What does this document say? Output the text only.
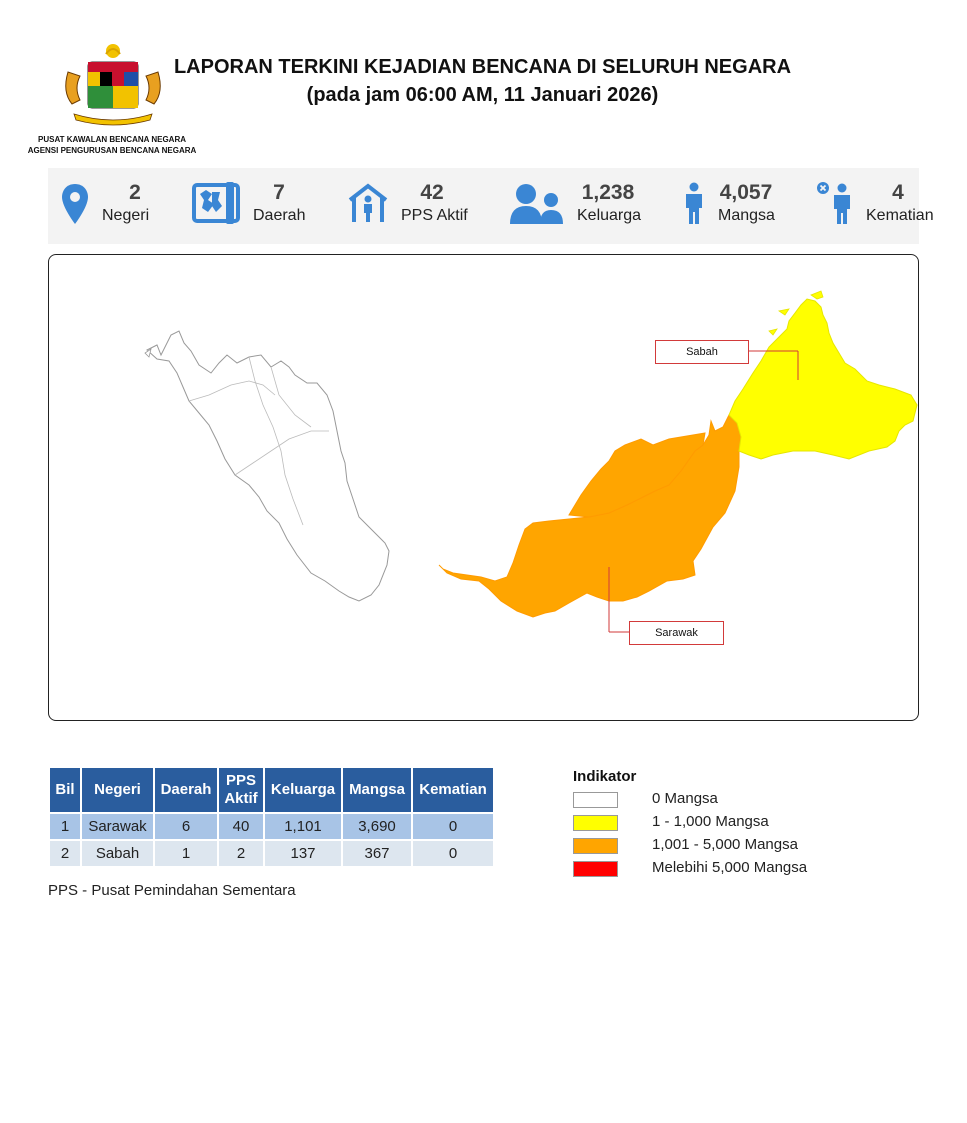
PUSAT KAWALAN BENCANA NEGARA
AGENSI PENGURUSAN BENCANA NEGARA
LAPORAN TERKINI KEJADIAN BENCANA DI SELURUH NEGARA
(pada jam 06:00 AM, 11 Januari 2026)
2
Negeri
7
Daerah
42
PPS Aktif
1,238
Keluarga
4,057
Mangsa
4
Kematian
Sabah
Sarawak
Bil	Negeri	Daerah	PPS Aktif	Keluarga	Mangsa	Kematian
1	Sarawak	6	40	1,101	3,690	0
2	Sabah	1	2	137	367	0
PPS - Pusat Pemindahan Sementara
Indikator
0 Mangsa
1 - 1,000 Mangsa
1,001 - 5,000 Mangsa
Melebihi 5,000 Mangsa
